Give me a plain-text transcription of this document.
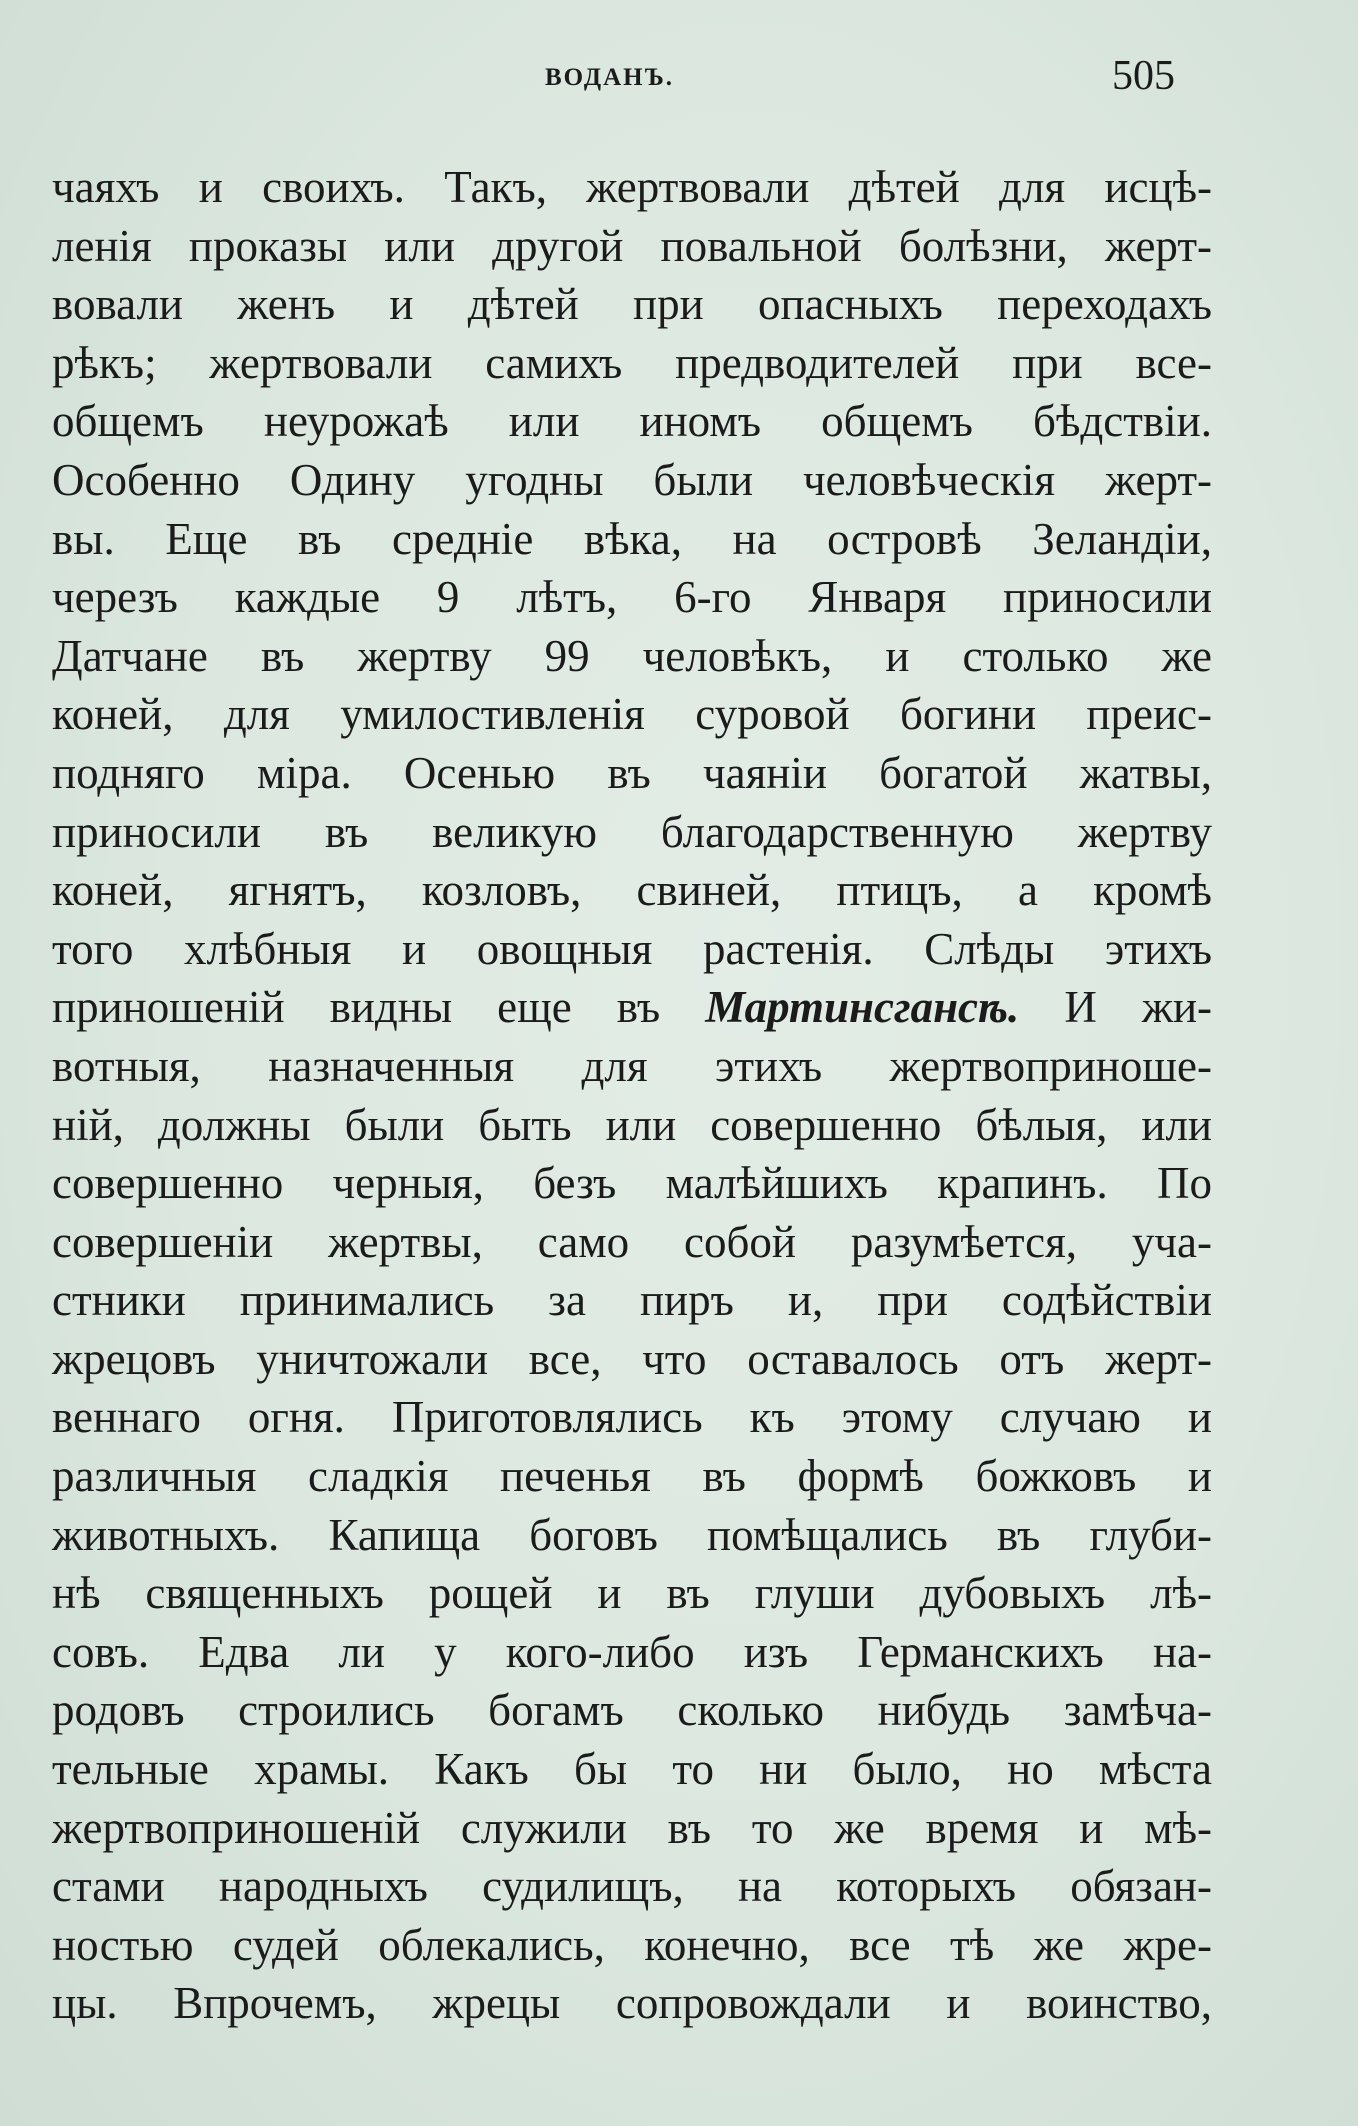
ВОДАНЪ.	505
чаяхъ и своихъ. Такъ, жертвовали дѣтей для исцѣ-
ленія проказы или другой повальной болѣзни, жерт-
вовали женъ и дѣтей при опасныхъ переходахъ
рѣкъ; жертвовали самихъ предводителей при все-
общемъ неурожаѣ или иномъ общемъ бѣдствіи.
Особенно Одину угодны были человѣческія жерт-
вы. Еще въ средніе вѣка, на островѣ Зеландіи,
черезъ каждые 9 лѣтъ, 6-го Января приносили
Датчане въ жертву 99 человѣкъ, и столько же
коней, для умилостивленія суровой богини преис-
подняго міра. Осенью въ чаяніи богатой жатвы,
приносили въ великую благодарственную жертву
коней, ягнятъ, козловъ, свиней, птицъ, а кромѣ
того хлѣбныя и овощныя растенія. Слѣды этихъ
приношеній видны еще въ Мартинсганcѣ. И жи-
вотныя, назначенныя для этихъ жертвоприноше-
ній, должны были быть или совершенно бѣлыя, или
совершенно черныя, безъ малѣйшихъ крапинъ. По
совершеніи жертвы, само собой разумѣется, уча-
стники принимались за пиръ и, при содѣйствіи
жрецовъ уничтожали все, что оставалось отъ жерт-
веннаго огня. Приготовлялись къ этому случаю и
различныя сладкія печенья въ формѣ божковъ и
животныхъ. Капища боговъ помѣщались въ глуби-
нѣ священныхъ рощей и въ глуши дубовыхъ лѣ-
совъ. Едва ли у кого-либо изъ Германскихъ на-
родовъ строились богамъ сколько нибудь замѣча-
тельные храмы. Какъ бы то ни было, но мѣста
жертвоприношеній служили въ то же время и мѣ-
стами народныхъ судилищъ, на которыхъ обязан-
ностью судей облекались, конечно, все тѣ же жре-
цы. Впрочемъ, жрецы сопровождали и воинство,
